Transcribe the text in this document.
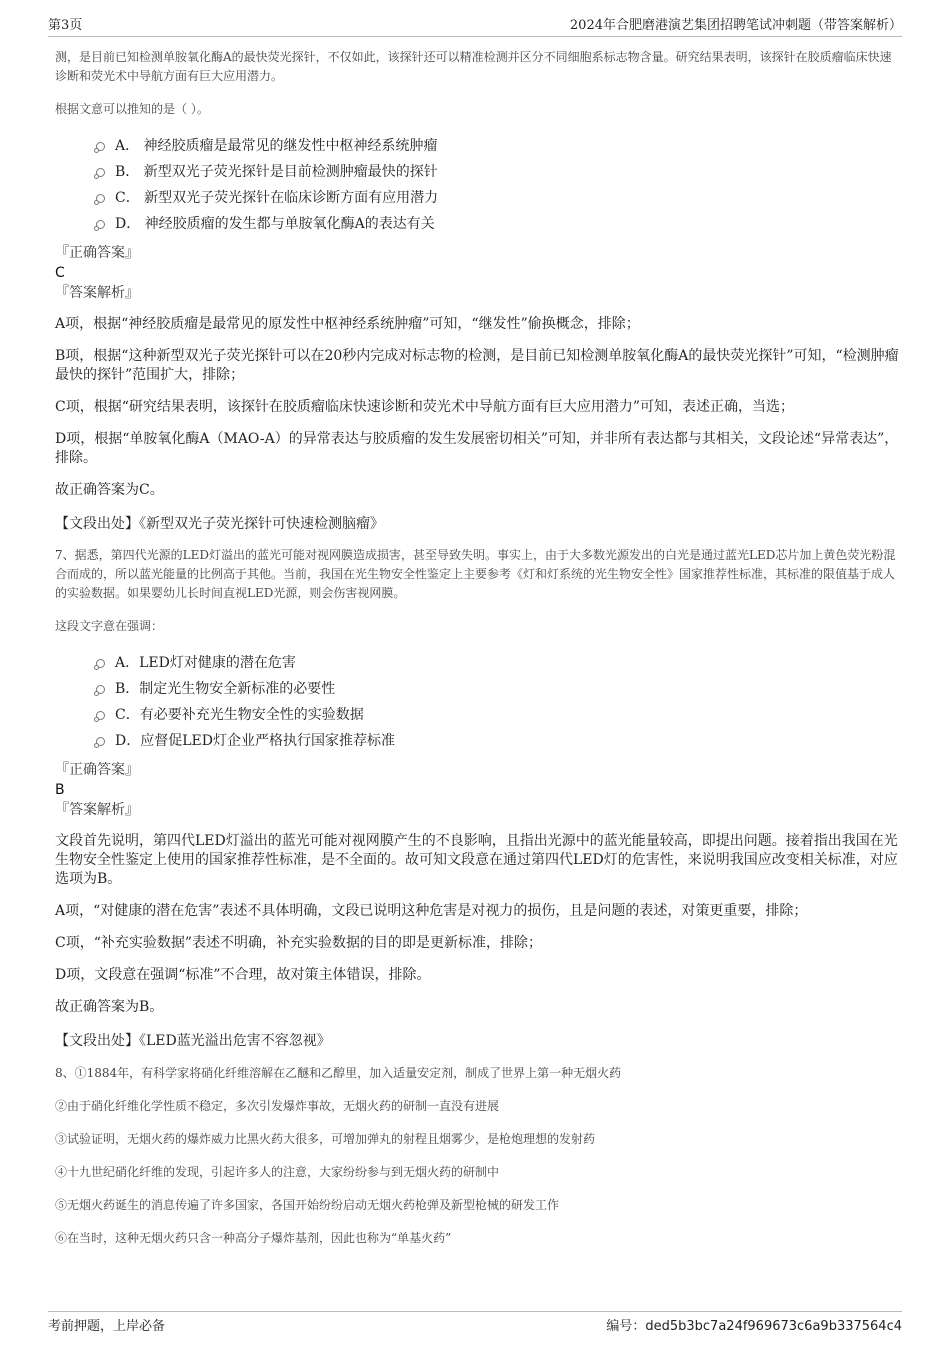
第3页	2024年合肥磨港演艺集团招聘笔试冲刺题（带答案解析）

测，是目前已知检测单胺氧化酶A的最快荧光探针，不仅如此，该探针还可以精准检测并区分不同细胞系标志物含量。研究结果表明，该探针在胶质瘤临床快速诊断和荧光术中导航方面有巨大应用潜力。

根据文意可以推知的是（ ）。

A． 神经胶质瘤是最常见的继发性中枢神经系统肿瘤
B． 新型双光子荧光探针是目前检测肿瘤最快的探针
C． 新型双光子荧光探针在临床诊断方面有应用潜力
D． 神经胶质瘤的发生都与单胺氧化酶A的表达有关

『正确答案』

C

『答案解析』

A项，根据“神经胶质瘤是最常见的原发性中枢神经系统肿瘤”可知，“继发性”偷换概念，排除；

B项，根据“这种新型双光子荧光探针可以在20秒内完成对标志物的检测，是目前已知检测单胺氧化酶A的最快荧光探针”可知，“检测肿瘤最快的探针”范围扩大，排除；

C项，根据“研究结果表明，该探针在胶质瘤临床快速诊断和荧光术中导航方面有巨大应用潜力”可知，表述正确，当选；

D项，根据“单胺氧化酶A（MAO-A）的异常表达与胶质瘤的发生发展密切相关”可知，并非所有表达都与其相关，文段论述“异常表达”，排除。

故正确答案为C。

【文段出处】《新型双光子荧光探针可快速检测脑瘤》

7、据悉，第四代光源的LED灯溢出的蓝光可能对视网膜造成损害，甚至导致失明。事实上，由于大多数光源发出的白光是通过蓝光LED芯片加上黄色荧光粉混合而成的，所以蓝光能量的比例高于其他。当前，我国在光生物安全性鉴定上主要参考《灯和灯系统的光生物安全性》国家推荐性标准，其标准的限值基于成人的实验数据。如果婴幼儿长时间直视LED光源，则会伤害视网膜。

这段文字意在强调：

A．LED灯对健康的潜在危害
B．制定光生物安全新标准的必要性
C．有必要补充光生物安全性的实验数据
D．应督促LED灯企业严格执行国家推荐标准

『正确答案』

B

『答案解析』

文段首先说明，第四代LED灯溢出的蓝光可能对视网膜产生的不良影响，且指出光源中的蓝光能量较高，即提出问题。接着指出我国在光生物安全性鉴定上使用的国家推荐性标准，是不全面的。故可知文段意在通过第四代LED灯的危害性，来说明我国应改变相关标准，对应选项为B。

A项，“对健康的潜在危害”表述不具体明确，文段已说明这种危害是对视力的损伤，且是问题的表述，对策更重要，排除；

C项，“补充实验数据”表述不明确，补充实验数据的目的即是更新标准，排除；

D项，文段意在强调“标准”不合理，故对策主体错误，排除。

故正确答案为B。

【文段出处】《LED蓝光溢出危害不容忽视》

8、①1884年，有科学家将硝化纤维溶解在乙醚和乙醇里，加入适量安定剂，制成了世界上第一种无烟火药

②由于硝化纤维化学性质不稳定，多次引发爆炸事故，无烟火药的研制一直没有进展

③试验证明，无烟火药的爆炸威力比黑火药大很多，可增加弹丸的射程且烟雾少，是枪炮理想的发射药

④十九世纪硝化纤维的发现，引起许多人的注意，大家纷纷参与到无烟火药的研制中

⑤无烟火药诞生的消息传遍了许多国家，各国开始纷纷启动无烟火药枪弹及新型枪械的研发工作

⑥在当时，这种无烟火药只含一种高分子爆炸基剂，因此也称为“单基火药”

考前押题，上岸必备	编号：ded5b3bc7a24f969673c6a9b337564c4
